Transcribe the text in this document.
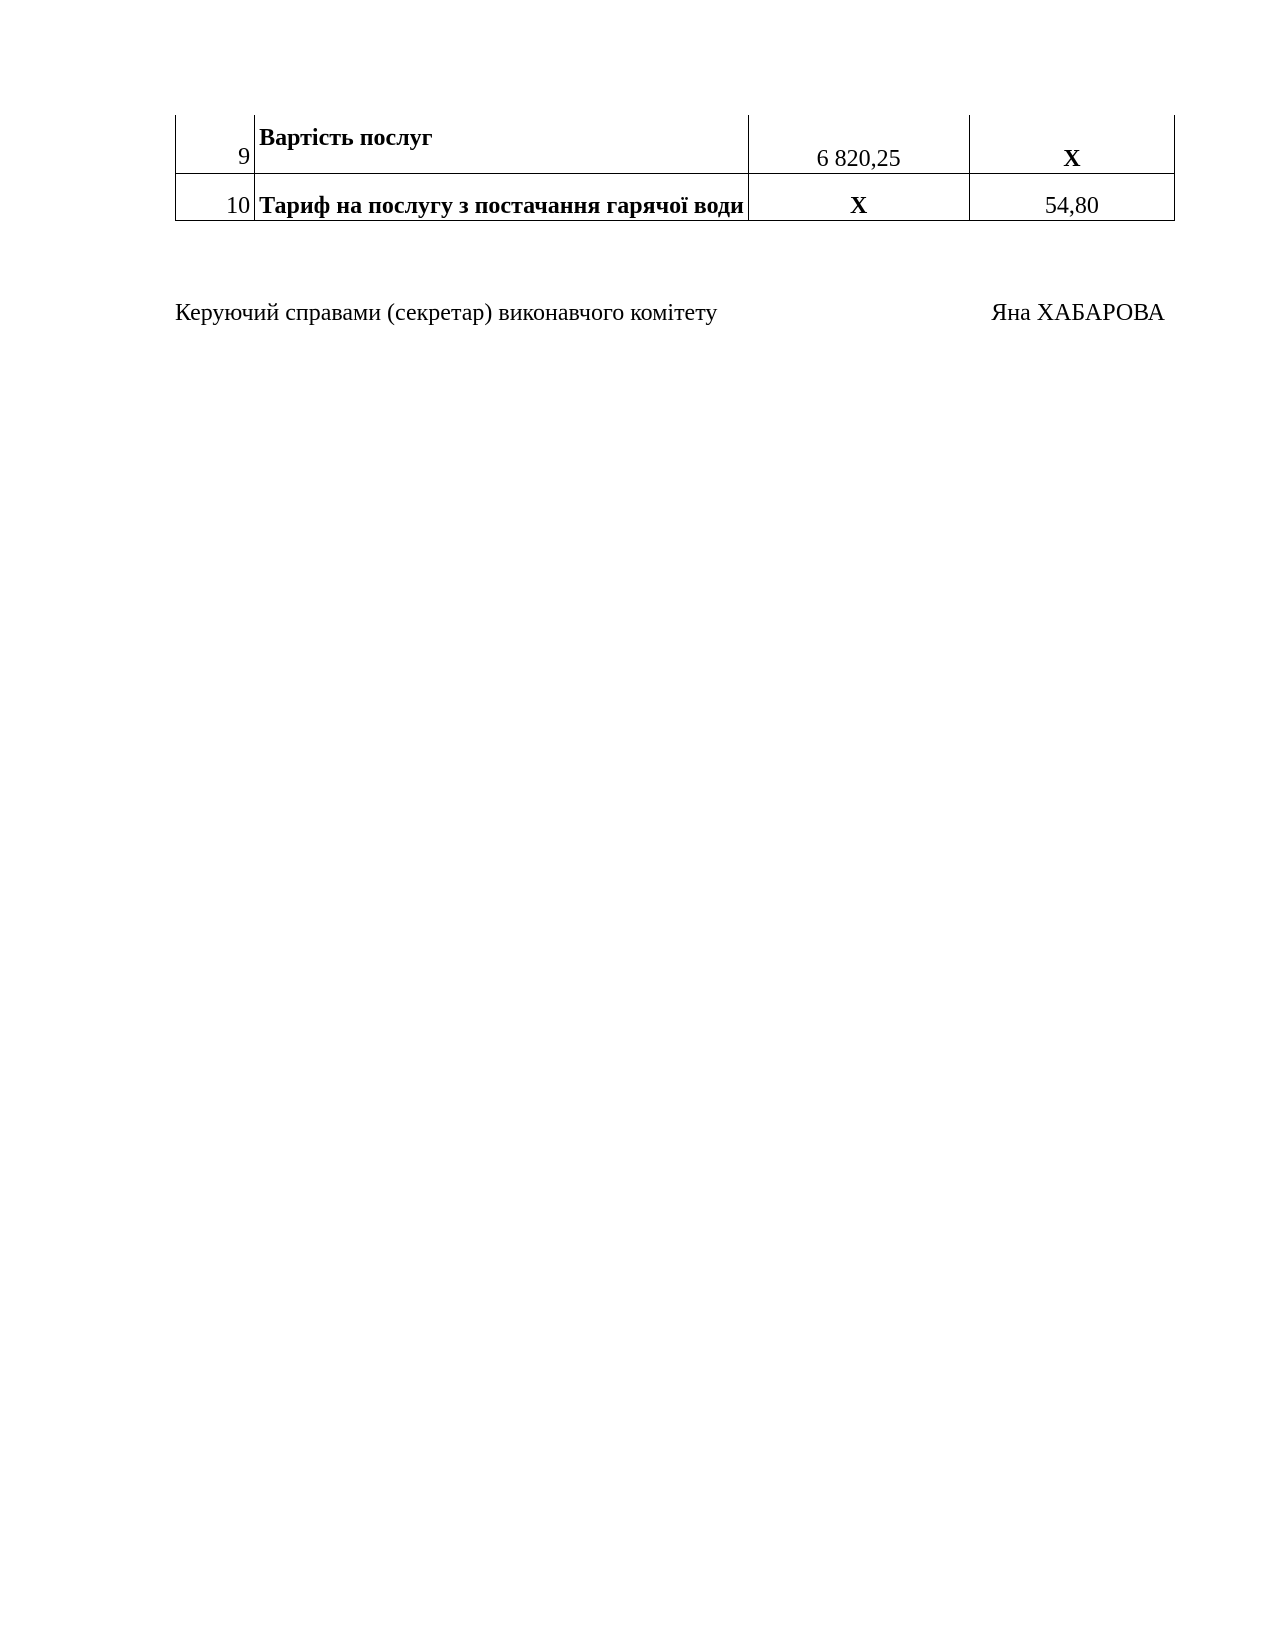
9	Вартість послуг	6 820,25	Х
10	Тариф на послугу з постачання гарячої води	Х	54,80
Керуючий справами (секретар) виконавчого комітету	Яна ХАБАРОВА
